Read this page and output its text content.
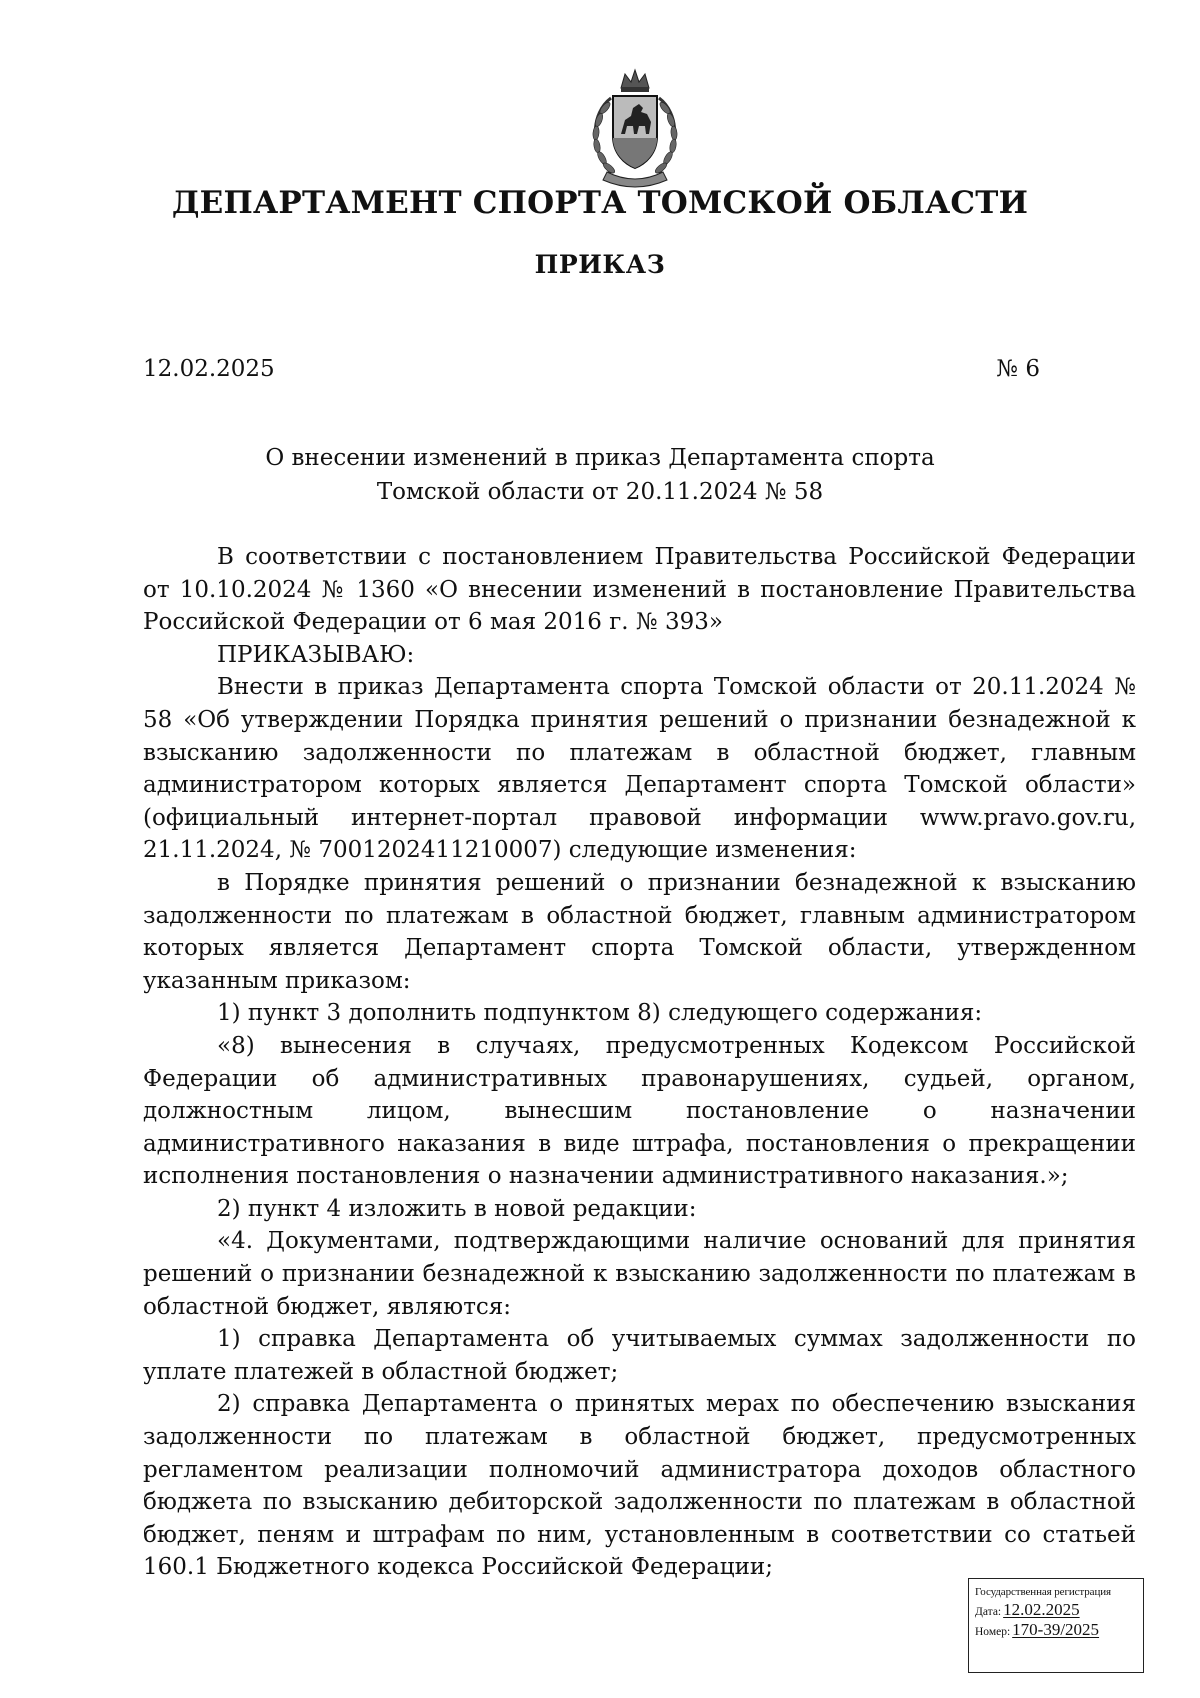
ДЕПАРТАМЕНТ СПОРТА ТОМСКОЙ ОБЛАСТИ
ПРИКАЗ
12.02.2025	№ 6
О внесении изменений в приказ Департамента спорта
Томской области от 20.11.2024 № 58

В соответствии с постановлением Правительства Российской Федерации от 10.10.2024 № 1360 «О внесении изменений в постановление Правительства Российской Федерации от 6 мая 2016 г. № 393»

ПРИКАЗЫВАЮ:

Внести в приказ Департамента спорта Томской области от 20.11.2024 № 58 «Об утверждении Порядка принятия решений о признании безнадежной к взысканию задолженности по платежам в областной бюджет, главным администратором которых является Департамент спорта Томской области» (официальный интернет-портал правовой информации www.pravo.gov.ru, 21.11.2024, № 7001202411210007) следующие изменения:

в Порядке принятия решений о признании безнадежной к взысканию задолженности по платежам в областной бюджет, главным администратором которых является Департамент спорта Томской области, утвержденном указанным приказом:

1) пункт 3 дополнить подпунктом 8) следующего содержания:

«8) вынесения в случаях, предусмотренных Кодексом Российской Федерации об административных правонарушениях, судьей, органом, должностным лицом, вынесшим постановление о назначении административного наказания в виде штрафа, постановления о прекращении исполнения постановления о назначении административного наказания.»;

2) пункт 4 изложить в новой редакции:

«4. Документами, подтверждающими наличие оснований для принятия решений о признании безнадежной к взысканию задолженности по платежам в областной бюджет, являются:

1) справка Департамента об учитываемых суммах задолженности по уплате платежей в областной бюджет;

2) справка Департамента о принятых мерах по обеспечению взыскания задолженности по платежам в областной бюджет, предусмотренных регламентом реализации полномочий администратора доходов областного бюджета по взысканию дебиторской задолженности по платежам в областной бюджет, пеням и штрафам по ним, установленным в соответствии со статьей 160.1 Бюджетного кодекса Российской Федерации;

Государственная регистрация
Дата: 12.02.2025
Номер: 170-39/2025
